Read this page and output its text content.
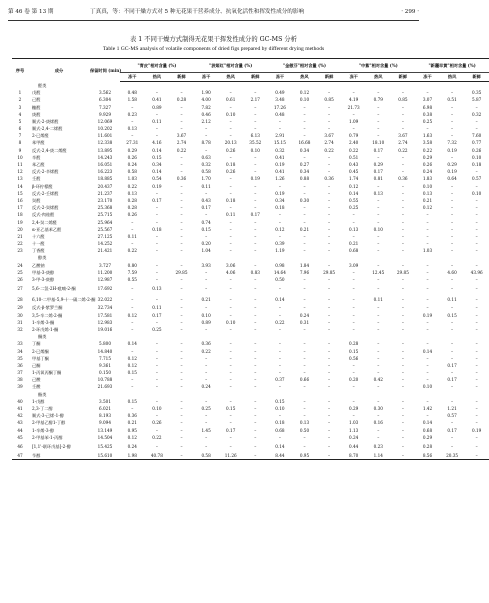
第 46 卷 第 13 期	丁真真，等：不同干燥方式对 5 种无花果干营养成分、抗氧化活性和挥发性成分的影响	· 299 ·
表 1 不同干燥方式制得无花果干挥发性成分的 GC-MS 分析
Table 1 GC-MS analysis of volatile components of dried figs prepared by different drying methods
序号	成分	保留时间 (min)	"青皮"相对含量 (%)			"波姬红"相对含量 (%)			"金傲芬"相对含量 (%)			"中紫"相对含量 (%)			"新疆早黄"相对含量 (%)		
			冻干	热风	新鲜	冻干	热风	新鲜	冻干	热风	新鲜	冻干	热风	新鲜	冻干	热风	新鲜
	醛类																
1	戊醛	3.562	0.48	–	–	1.90	–	–	0.49	0.12	–	–	–	–	–	–	0.35
2	己醛	6.304	1.58	0.41	0.28	4.00	0.61	2.17	3.48	0.10	0.85	4.19	0.79	0.85	3.07	0.51	5.87
3	糠醛	7.327	–	0.89	–	7.82	–	–	17.26	–	–	21.73	–	–	6.98	–	–
4	庚醛	9.929	0.23	–	–	0.46	0.10	–	0.48	–	–	–	–	–	0.38	–	0.32
5	顺式-2-庚烯醛	12.069	–	0.11	–	2.12	–	–	–	–	–	1.09	–	–	0.25	–	–
6	顺式-2,4-二烯醛	10.202	0.13	–	–	–	–	–	–	–	–	–	–	–	–	–	–
7	2-已烯醛	11.601	–	–	3.67	–	–	6.13	2.91	–	3.67	0.79	–	3.67	1.63	–	7.60
8	苯甲醛	12.338	27.31	4.16	2.74	8.78	20.13	35.52	15.15	16.68	2.74	2.40	18.10	2.74	3.58	7.32	0.77
9	反式-2,4-庚二烯醛	13.895	0.29	0.14	0.22	–	0.26	0.10	0.32	0.34	0.22	0.22	0.17	0.22	0.22	0.19	0.26
10	辛醛	14.243	0.26	0.15	–	0.63	–	–	0.41	–	–	0.51	–	–	0.29	–	0.10
11	苯乙醛	16.051	0.24	0.34	–	0.32	0.18	–	0.19	0.27	–	0.43	0.29	–	0.26	0.29	0.18
12	反式-2-辛烯醛	16.223	0.58	0.14	–	0.58	0.26	–	0.41	0.34	–	0.45	0.17	–	0.24	0.19	–
13	壬醛	18.885	1.03	0.54	0.36	1.70	–	0.19	1.26	0.88	0.36	1.74	0.81	0.36	1.83	0.64	0.57
14	β-环柠檬醛	20.437	0.22	0.19	–	0.11	–	–	–	–	–	0.12	–	–	0.10	–	–
15	反式-2-壬烯醛	21.237	0.13	–	–	–	–	–	0.19	–	–	0.14	0.13	–	0.13	–	0.10
16	癸醛	23.170	0.28	0.17	–	0.43	0.18	–	0.34	0.30	–	0.55	–	–	0.21	–	–
17	反式-2-癸烯醛	25.368	0.28	–	–	0.17	–	–	0.18	–	–	0.25	–	–	0.12	–	–
18	反式-肉桂醛	25.715	0.26	–	–	–	0.11	0.17	–	–	–	–	–	–	–	–	–
19	2,4-癸二烯醛	25.964	–	–	–	0.74	–	–	–	–	–	–	–	–	–	–	–
20	α-亚乙基苯乙醛	25.567	–	0.18	–	0.15	–	–	0.12	0.21	–	0.13	0.10	–	–	–	–
21	十六醛	27.125	0.11	–	–	–	–	–	–	–	–	–	–	–	–	–	–
22	十一醛	14.252	–	–	–	0.20	–	–	0.39	–	–	0.21	–	–	–	–	–
23	丁香醛	21.421	0.22	–	–	1.04	–	–	1.19	–	–	0.68	–	–	1.03	–	–
	醇类																
24	乙酸钠	3.727	0.80	–	–	3.93	3.06	–	0.98	1.84	–	3.09	–	–	–	–	–
25	甲基-3-庚醇	11.200	7.59	–	29.85	–	4.06	0.83	14.64	7.96	29.85	–	12.45	29.85	–	4.60	43.96
26	3-甲-3-庚醇	12.987	0.55	–	–	–	–	–	0.50	–	–	–	–	–	–	–	–
27	5,6-二氢-2H-吡喃-2-酮	17.692	–	0.13	–	–	–	–	–	–	–	–	–	–	–	–	–
28	6,10-二甲基-5,9-十一碳二烯-2-酮	32.022	–	–	–	0.21	–	–	0.14	–	–	–	0.11	–	–	0.11	–
29	反式-β-紫罗兰酮	32.734	–	0.11	–	–	–	–	–	–	–	–	–	–	–	–	–
30	3,5-辛二烯-2-酮	17.581	0.12	0.17	–	0.10	–	–	–	0.24	–	–	–	–	0.19	0.15	–
31	1-辛烯-3-酮	12.983	–	–	–	0.89	0.10	–	0.22	0.31	–	–	–	–	–	–	–
32	2-环戊烯-1-酮	19.016	–	0.25	–	–	–	–	–	–	–	–	–	–	–	–	–
	酮类																
33	丁酮	5.800	0.14	–	–	0.36	–	–	–	–	–	0.28	–	–	–	–	–
34	2-已烯酮	14.840	–	–	–	0.22	–	–	–	–	–	0.15	–	–	0.14	–	–
35	甲基丁酮	7.715	0.12	–	–	–	–	–	–	–	–	0.56	–	–	–	–	–
36	己酮	9.361	0.12	–	–	–	–	–	–	–	–	–	–	–	–	0.17	–
37	1-丙氧丙酮丁酮	0.150	0.15	–	–	–	–	–	–	–	–	–	–	–	–	–	–
38	己酸	10.788	–	–	–	–	–	–	0.37	0.66	–	0.20	0.42	–	–	0.17	–
39	壬酸	21.693	–	–	–	0.24	–	–	–	–	–	–	–	–	0.10	–	–
	酯类																
40	1-戊醇	3.501	0.15	–	–	–	–	–	0.15	–	–	–	–	–	–	–	–
41	2,3-丁二醇	6.021	–	0.10	–	0.25	0.15	–	0.10	–	–	0.29	0.30	–	1.42	1.21	–
42	顺式-3-己烯-1-醇	8.193	0.36	–	–	–	–	–	–	–	–	–	–	–	–	0.57	–
43	2-甲基乙醇1-丁醇	9.094	0.21	0.26	–	–	–	–	0.18	0.13	–	1.03	0.16	–	0.14	–	–
44	1-辛烯-3-醇	13.149	0.95	–	–	1.45	0.17	–	0.68	0.50	–	1.13	–	–	0.68	0.17	0.19
45	2-甲基苯-1-丙醇	14.504	0.12	0.22	–	–	–	–	–	–	–	0.24	–	–	0.29	–	–
46	[1,1'-联环戊基]-2-醇	15.425	0.24	–	–	–	–	–	0.14	–	–	0.44	0.23	–	0.28	–	–
47	苄醇	15.610	1.98	40.78	–	0.58	11.26	–	8.44	0.95	–	8.70	1.14	–	8.56	20.35	–
